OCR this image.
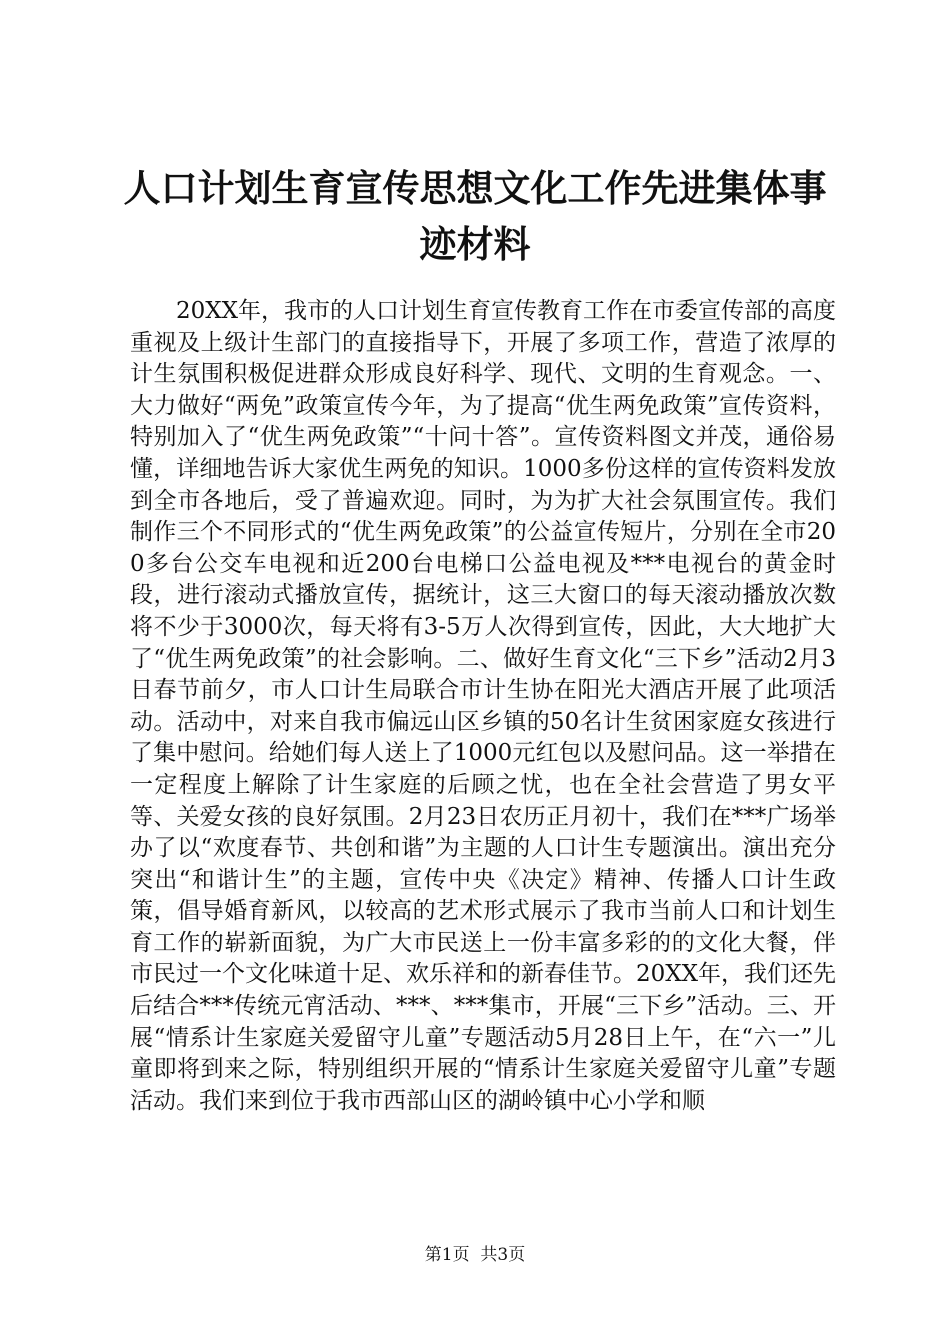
人口计划生育宣传思想文化工作先进集体事迹材料

20XX年，我市的人口计划生育宣传教育工作在市委宣传部的高度重视及上级计生部门的直接指导下，开展了多项工作，营造了浓厚的计生氛围积极促进群众形成良好科学、现代、文明的生育观念。一、大力做好“两免”政策宣传今年，为了提高“优生两免政策”宣传资料，特别加入了“优生两免政策”“十问十答”。宣传资料图文并茂，通俗易懂，详细地告诉大家优生两免的知识。1000多份这样的宣传资料发放到全市各地后，受了普遍欢迎。同时，为为扩大社会氛围宣传。我们制作三个不同形式的“优生两免政策”的公益宣传短片，分别在全市200多台公交车电视和近200台电梯口公益电视及***电视台的黄金时段，进行滚动式播放宣传，据统计，这三大窗口的每天滚动播放次数将不少于3000次，每天将有3-5万人次得到宣传，因此，大大地扩大了“优生两免政策”的社会影响。二、做好生育文化“三下乡”活动2月3日春节前夕，市人口计生局联合市计生协在阳光大酒店开展了此项活动。活动中，对来自我市偏远山区乡镇的50名计生贫困家庭女孩进行了集中慰问。给她们每人送上了1000元红包以及慰问品。这一举措在一定程度上解除了计生家庭的后顾之忧，也在全社会营造了男女平等、关爱女孩的良好氛围。2月23日农历正月初十，我们在***广场举办了以“欢度春节、共创和谐”为主题的人口计生专题演出。演出充分突出“和谐计生”的主题，宣传中央《决定》精神、传播人口计生政策，倡导婚育新风，以较高的艺术形式展示了我市当前人口和计划生育工作的崭新面貌，为广大市民送上一份丰富多彩的的文化大餐，伴市民过一个文化味道十足、欢乐祥和的新春佳节。20XX年，我们还先后结合***传统元宵活动、***、***集市，开展“三下乡”活动。三、开展“情系计生家庭关爱留守儿童”专题活动5月28日上午，在“六一”儿童即将到来之际，特别组织开展的“情系计生家庭关爱留守儿童”专题活动。我们来到位于我市西部山区的湖岭镇中心小学和顺

第1页 共3页
